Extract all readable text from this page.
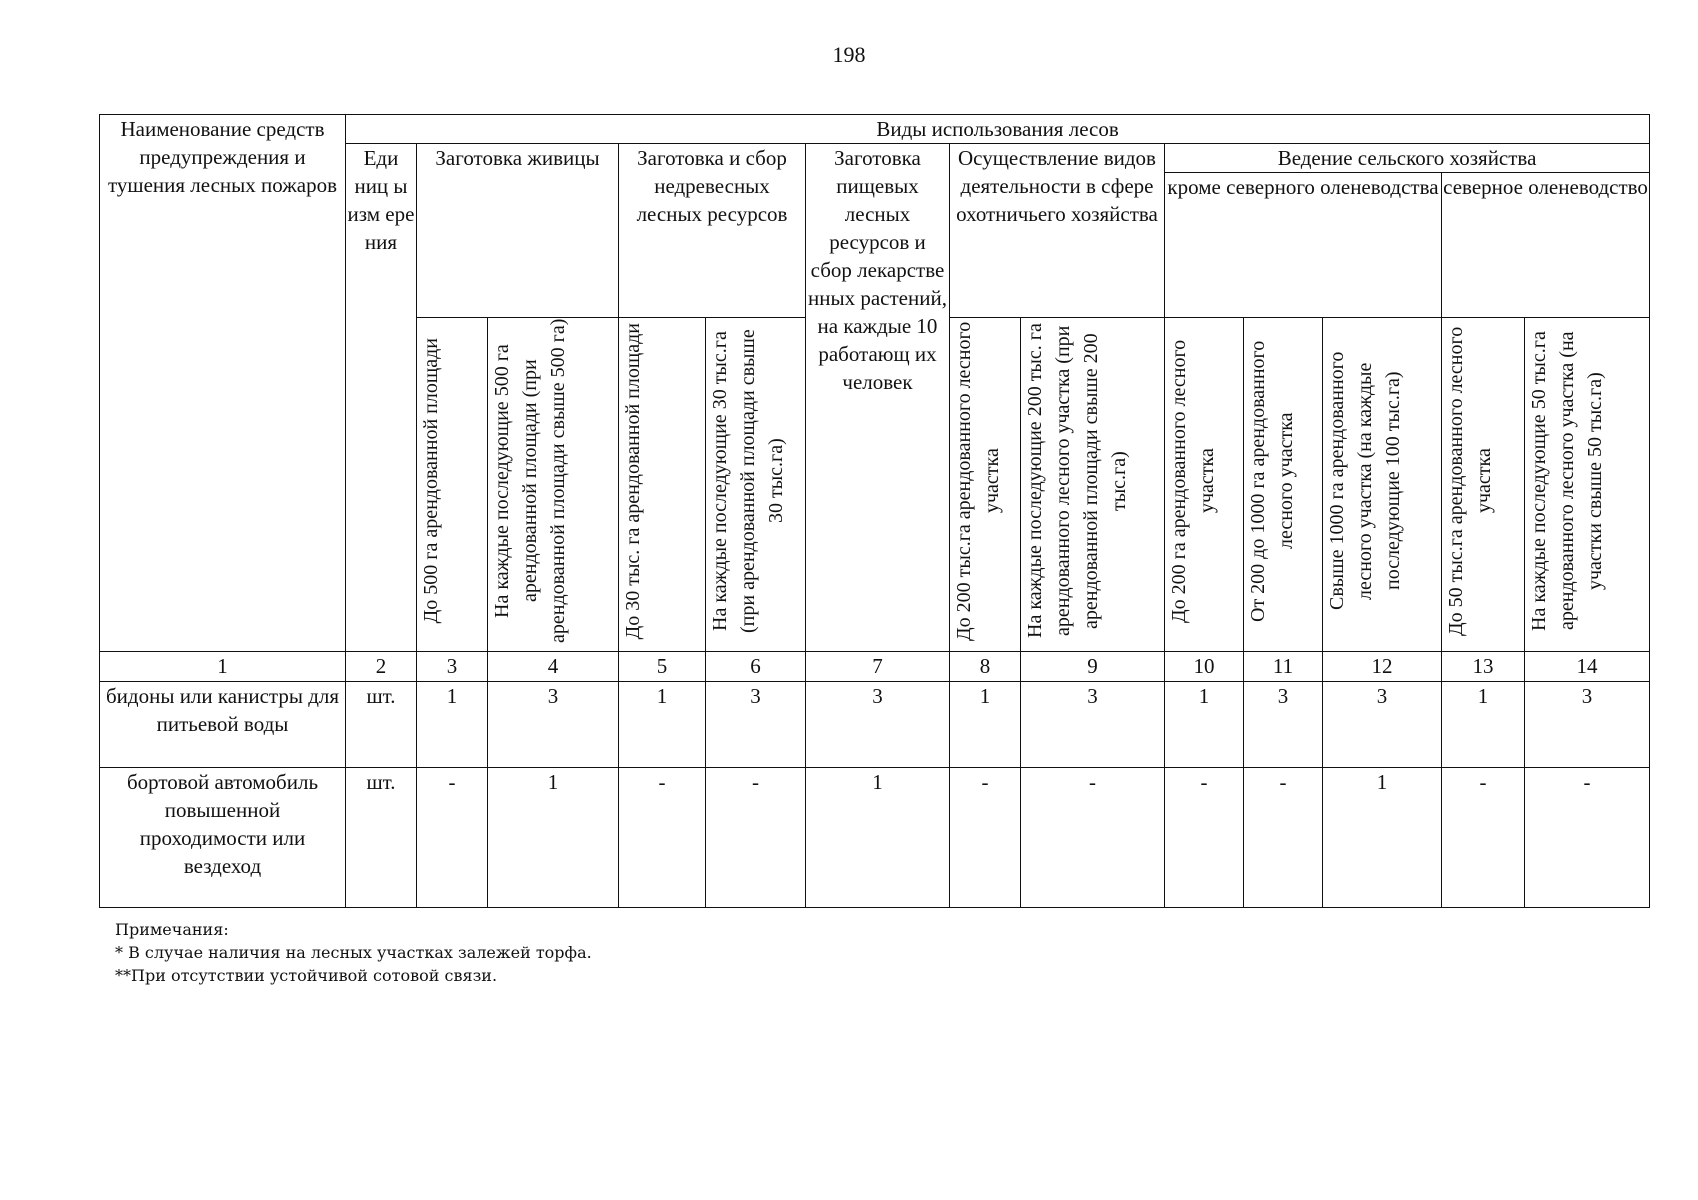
198
Наименование средств предупреждения и тушения лесных пожаров	Виды использования лесов												
	Еди ниц ы изм ере ния	Заготовка живицы		Заготовка и сбор недревесных лесных ресурсов		Заготовка пищевых лесных ресурсов и сбор лекарстве нных растений, на каждые 10 работающ их человек	Осуществление видов деятельности в сфере охотничьего хозяйства		Ведение сельского хозяйства				
									кроме северного оленеводства			северное оленеводство	

		До 500 га арендованной площади	На каждые последующие 500 га арендованной площади (при арендованной площади свыше 500 га)	До 30 тыс. га арендованной площади	На каждые последующие 30 тыс.га (при арендованной площади свыше 30 тыс.га)		До 200 тыс.га арендованного лесного участка	На каждые последующие 200 тыс. га арендованного лесного участка (при арендованной площади свыше 200 тыс.га)	До 200 га арендованного лесного участка	От 200 до 1000 га арендованного лесного участка	Свыше 1000 га арендованного лесного участка (на каждые последующие 100 тыс.га)	До 50 тыс.га арендованного лесного участка	На каждые последующие 50 тыс.га арендованного лесного участка (на участки свыше 50 тыс.га)

1	2	3	4	5	6	7	8	9	10	11	12	13	14
бидоны или канистры для питьевой воды	шт.	1	3	1	3	3	1	3	1	3	3	1	3
бортовой автомобиль повышенной проходимости или вездеход	шт.	-	1	-	-	1	-	-	-	-	1	-	-
Примечания:
* В случае наличия на лесных участках залежей торфа.
**При отсутствии устойчивой сотовой связи.
